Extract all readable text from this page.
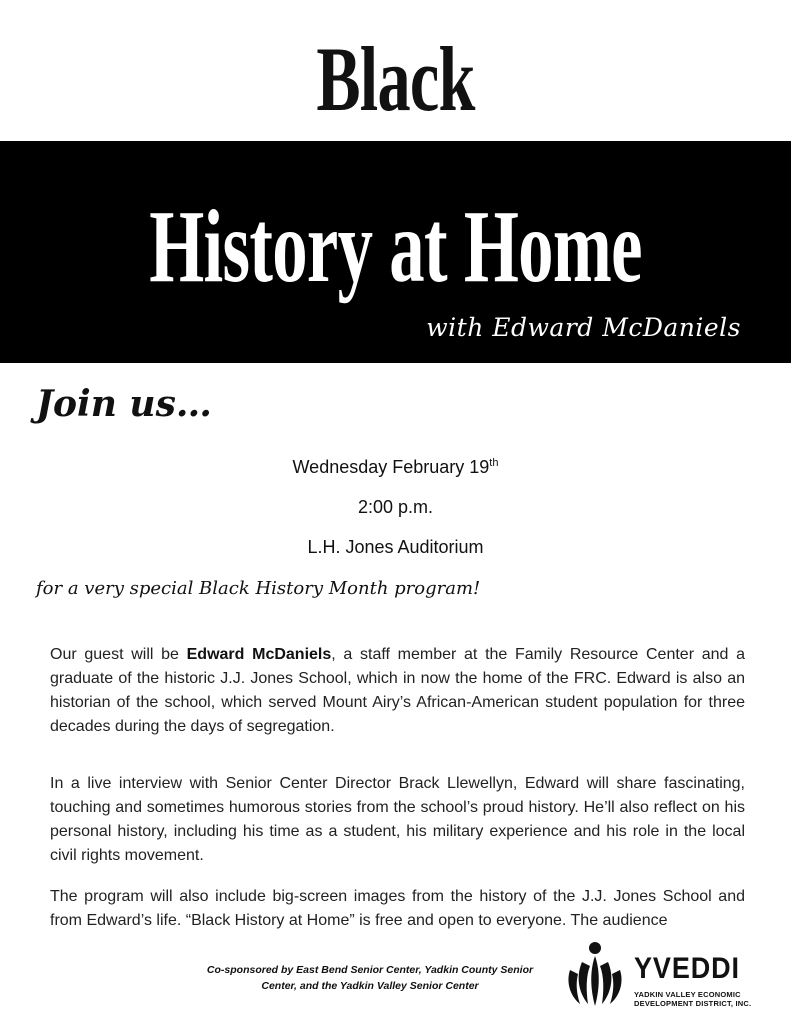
Black
History at Home
with Edward McDaniels
Join us…
Wednesday February 19th
2:00 p.m.
L.H. Jones Auditorium
for a very special Black History Month program!

Our guest will be Edward McDaniels, a staff member at the Family Resource Center and a graduate of the historic J.J. Jones School, which in now the home of the FRC. Edward is also an historian of the school, which served Mount Airy’s African-American student population for three decades during the days of segregation.

In a live interview with Senior Center Director Brack Llewellyn, Edward will share fascinating, touching and sometimes humorous stories from the school’s proud history. He’ll also reflect on his personal history, including his time as a student, his military experience and his role in the local civil rights movement.

The program will also include big-screen images from the history of the J.J. Jones School and from Edward’s life. “Black History at Home” is free and open to everyone. The audience

Co-sponsored by East Bend Senior Center, Yadkin County Senior Center, and the Yadkin Valley Senior Center
YVEDDI
YADKIN VALLEY ECONOMIC
DEVELOPMENT DISTRICT, INC.
